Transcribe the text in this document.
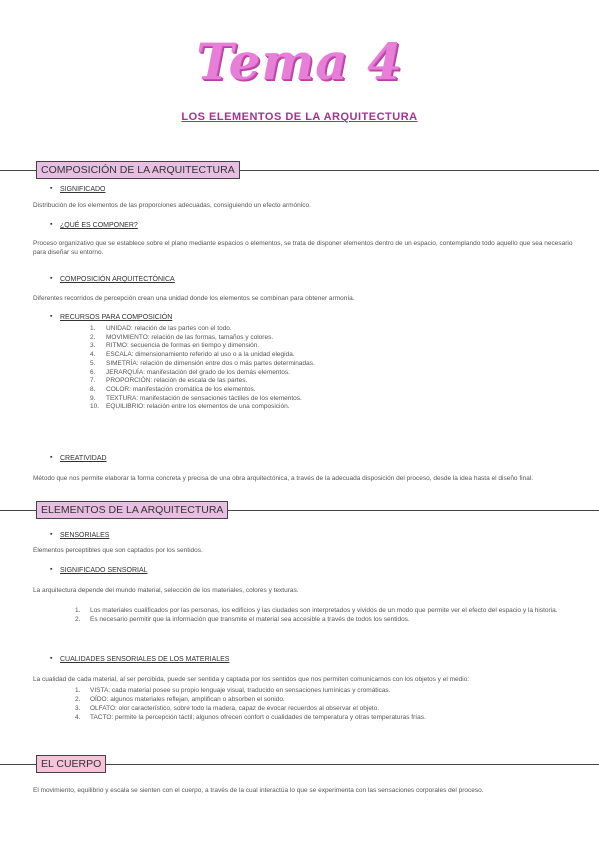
Tema 4
LOS ELEMENTOS DE LA ARQUITECTURA
COMPOSICIÓN DE LA ARQUITECTURA
▪ SIGNIFICADO
Distribución de los elementos de las proporciones adecuadas, consiguiendo un efecto armónico.
▪ ¿QUÉ ES COMPONER?
Proceso organizativo que se establece sobre el plano mediante espacios o elementos, se trata de disponer elementos dentro de un espacio, contemplando todo aquello que sea necesario para diseñar su entorno.
▪ COMPOSICIÓN ARQUITECTÓNICA
Diferentes recorridos de percepción crean una unidad donde los elementos se combinan para obtener armonía.
▪ RECURSOS PARA COMPOSICIÓN
1. UNIDAD: relación de las partes con el todo.
2. MOVIMIENTO: relación de las formas, tamaños y colores.
3. RITMO: secuencia de formas en tiempo y dimensión.
4. ESCALA: dimensionamiento referido al uso o a la unidad elegida.
5. SIMETRÍA: relación de dimensión entre dos o más partes determinadas.
6. JERARQUÍA: manifestación del grado de los demás elementos.
7. PROPORCIÓN: relación de escala de las partes.
8. COLOR: manifestación cromática de los elementos.
9. TEXTURA: manifestación de sensaciones táctiles de los elementos.
10. EQUILIBRIO: relación entre los elementos de una composición.
▪ CREATIVIDAD
Método que nos permite elaborar la forma concreta y precisa de una obra arquitectónica, a través de la adecuada disposición del proceso, desde la idea hasta el diseño final.
ELEMENTOS DE LA ARQUITECTURA
▪ SENSORIALES
Elementos perceptibles que son captados por los sentidos.
▪ SIGNIFICADO SENSORIAL
La arquitectura depende del mundo material, selección de los materiales, colores y texturas.
1. Los materiales cualificados por las personas, los edificios y las ciudades son interpretados y vividos de un modo que permite ver el efecto del espacio y la historia.
2. Es necesario permitir que la información que transmite el material sea accesible a través de todos los sentidos.
▪ CUALIDADES SENSORIALES DE LOS MATERIALES
La cualidad de cada material, al ser percibida, puede ser sentida y captada por los sentidos que nos permiten comunicarnos con los objetos y el medio:
1. VISTA: cada material posee su propio lenguaje visual, traducido en sensaciones lumínicas y cromáticas.
2. OÍDO: algunos materiales reflejan, amplifican o absorben el sonido.
3. OLFATO: olor característico, sobre todo la madera, capaz de evocar recuerdos al observar el objeto.
4. TACTO: permite la percepción táctil; algunos ofrecen confort o cualidades de temperatura y otras temperaturas frías.
EL CUERPO
El movimiento, equilibrio y escala se sienten con el cuerpo, a través de la cual interactúa lo que se experimenta con las sensaciones corporales del proceso.
